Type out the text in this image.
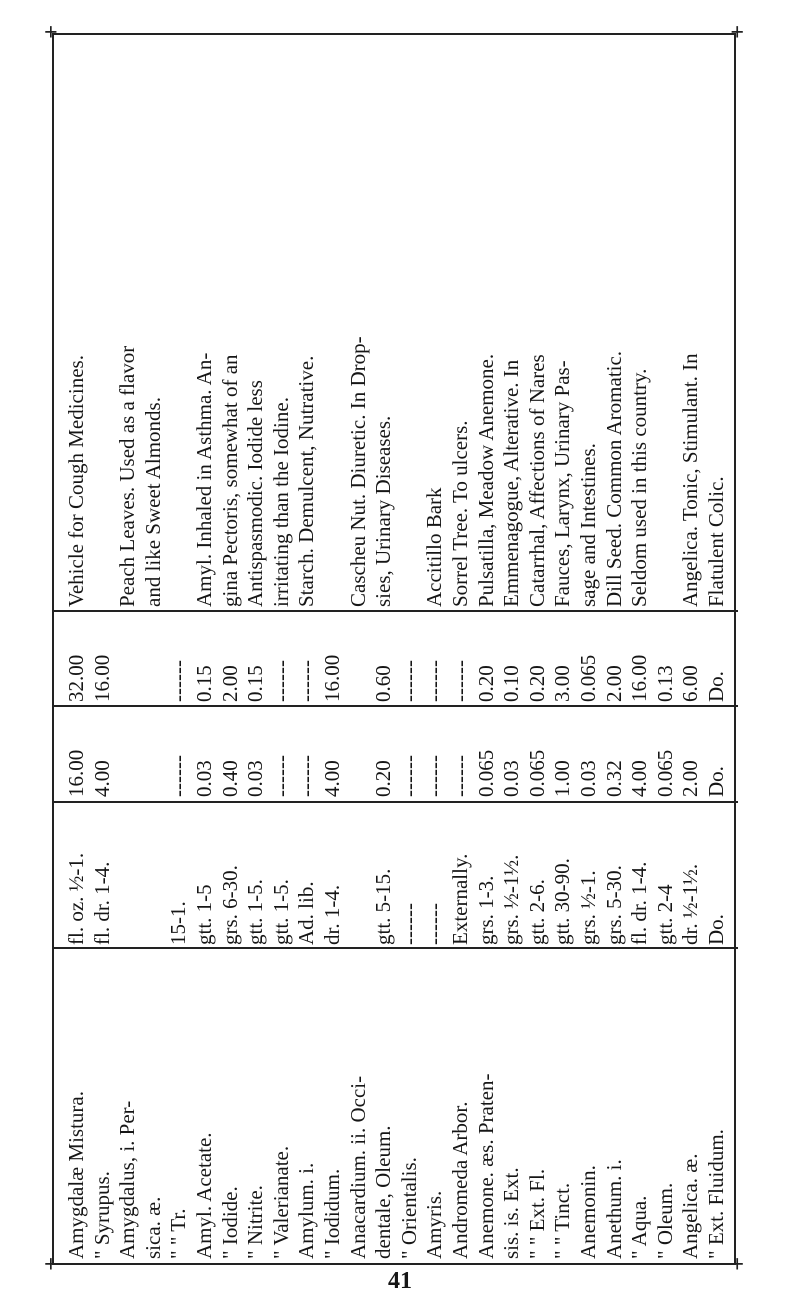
Amygdalæ Mistura.
fl. oz. ½-1.
16.00
32.00
Vehicle for Cough Medicines.
" Syrupus.
fl. dr. 1-4.
4.00
16.00
Amygdalus, i. Per-
Peach Leaves. Used as a flavor
sica. æ.
and like Sweet Almonds.
" " Tr.
15-1.
------
------
Amyl. Acetate.
gtt. 1-5
0.03
0.15
Amyl. Inhaled in Asthma. An-
" Iodide.
grs. 6-30.
0.40
2.00
gina Pectoris, somewhat of an
" Nitrite.
gtt. 1-5.
0.03
0.15
Antispasmodic. Iodide less
" Valerianate.
gtt. 1-5.
------
------
irritating than the Iodine.
Amylum. i.
Ad. lib.
------
------
Starch. Demulcent, Nutrative.
" Iodidum.
dr. 1-4.
4.00
16.00
Anacardium. ii. Occi-
Cascheu Nut. Diuretic. In Drop-
dentale, Oleum.
gtt. 5-15.
0.20
0.60
sies, Urinary Diseases.
" Orientalis.
------
------
------
Amyris.
------
------
------
Accitillo Bark
Andromeda Arbor.
Externally.
------
------
Sorrel Tree. To ulcers.
Anemone. æs. Praten-
grs. 1-3.
0.065
0.20
Pulsatilla, Meadow Anemone.
sis. is. Ext.
grs. ½-1½.
0.03
0.10
Emmenagogue, Alterative. In
" " Ext. Fl.
gtt. 2-6.
0.065
0.20
Catarrhal, Affections of Nares
" " Tinct.
gtt. 30-90.
1.00
3.00
Fauces, Larynx, Urinary Pas-
Anemonin.
grs. ½-1.
0.03
0.065
sage and Intestines.
Anethum. i.
grs. 5-30.
0.32
2.00
Dill Seed. Common Aromatic.
" Aqua.
fl. dr. 1-4.
4.00
16.00
Seldom used in this country.
" Oleum.
gtt. 2-4
0.065
0.13
Angelica. æ.
dr. ½-1½.
2.00
6.00
Angelica. Tonic, Stimulant. In
" Ext. Fluidum.
Do.
Do.
Do.
Flatulent Colic.
+	+
+	+
41
